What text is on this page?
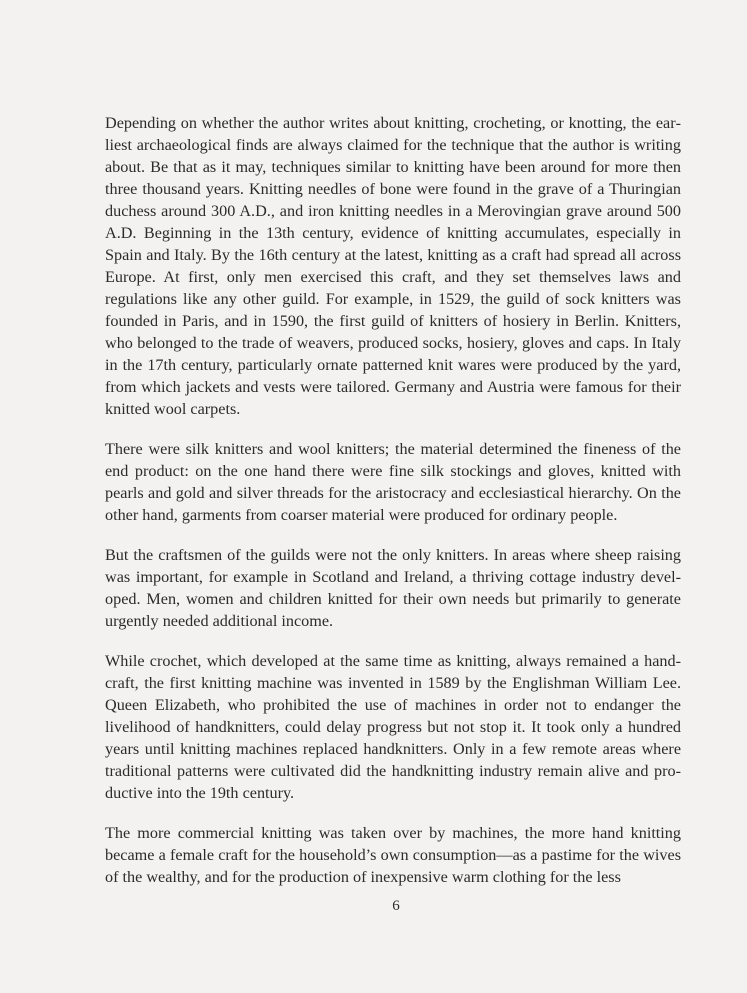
Depending on whether the author writes about knitting, crocheting, or knotting, the earliest archaeological finds are always claimed for the technique that the author is writing about. Be that as it may, techniques similar to knitting have been around for more then three thousand years. Knitting needles of bone were found in the grave of a Thuringian duchess around 300 A.D., and iron knitting needles in a Merovingian grave around 500 A.D. Beginning in the 13th century, evidence of knitting accumulates, especially in Spain and Italy. By the 16th century at the latest, knitting as a craft had spread all across Europe. At first, only men exercised this craft, and they set themselves laws and regulations like any other guild. For example, in 1529, the guild of sock knitters was founded in Paris, and in 1590, the first guild of knitters of hosiery in Berlin. Knitters, who belonged to the trade of weavers, produced socks, hosiery, gloves and caps. In Italy in the 17th century, particularly ornate patterned knit wares were produced by the yard, from which jackets and vests were tailored. Germany and Austria were famous for their knitted wool carpets.

There were silk knitters and wool knitters; the material determined the fineness of the end product: on the one hand there were fine silk stockings and gloves, knitted with pearls and gold and silver threads for the aristocracy and ecclesiastical hierarchy. On the other hand, garments from coarser material were produced for ordinary people.

But the craftsmen of the guilds were not the only knitters. In areas where sheep raising was important, for example in Scotland and Ireland, a thriving cottage industry developed. Men, women and children knitted for their own needs but primarily to generate urgently needed additional income.

While crochet, which developed at the same time as knitting, always remained a handcraft, the first knitting machine was invented in 1589 by the Englishman William Lee. Queen Elizabeth, who prohibited the use of machines in order not to endanger the livelihood of handknitters, could delay progress but not stop it. It took only a hundred years until knitting machines replaced handknitters. Only in a few remote areas where traditional patterns were cultivated did the handknitting industry remain alive and productive into the 19th century.

The more commercial knitting was taken over by machines, the more hand knitting became a female craft for the household’s own consumption—as a pastime for the wives of the wealthy, and for the production of inexpensive warm clothing for the less

6
